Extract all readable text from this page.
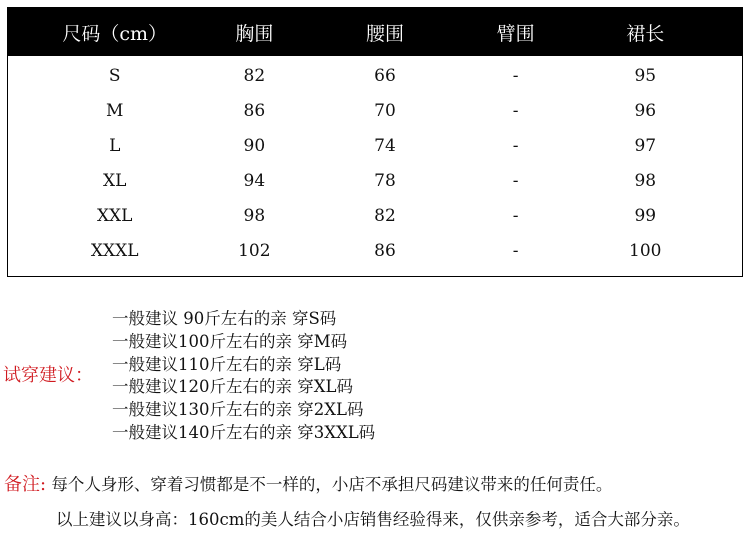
尺码（cm）	胸围	腰围	臂围	裙长
S	82	66	-	95
M	86	70	-	96
L	90	74	-	97
XL	94	78	-	98
XXL	98	82	-	99
XXXL	102	86	-	100
试穿建议：
一般建议 90斤左右的亲 穿S码
一般建议100斤左右的亲 穿M码
一般建议110斤左右的亲 穿L码
一般建议120斤左右的亲 穿XL码
一般建议130斤左右的亲 穿2XL码
一般建议140斤左右的亲 穿3XXL码
备注: 每个人身形、穿着习惯都是不一样的，小店不承担尺码建议带来的任何责任。
以上建议以身高：160cm的美人结合小店销售经验得来，仅供亲参考，适合大部分亲。
